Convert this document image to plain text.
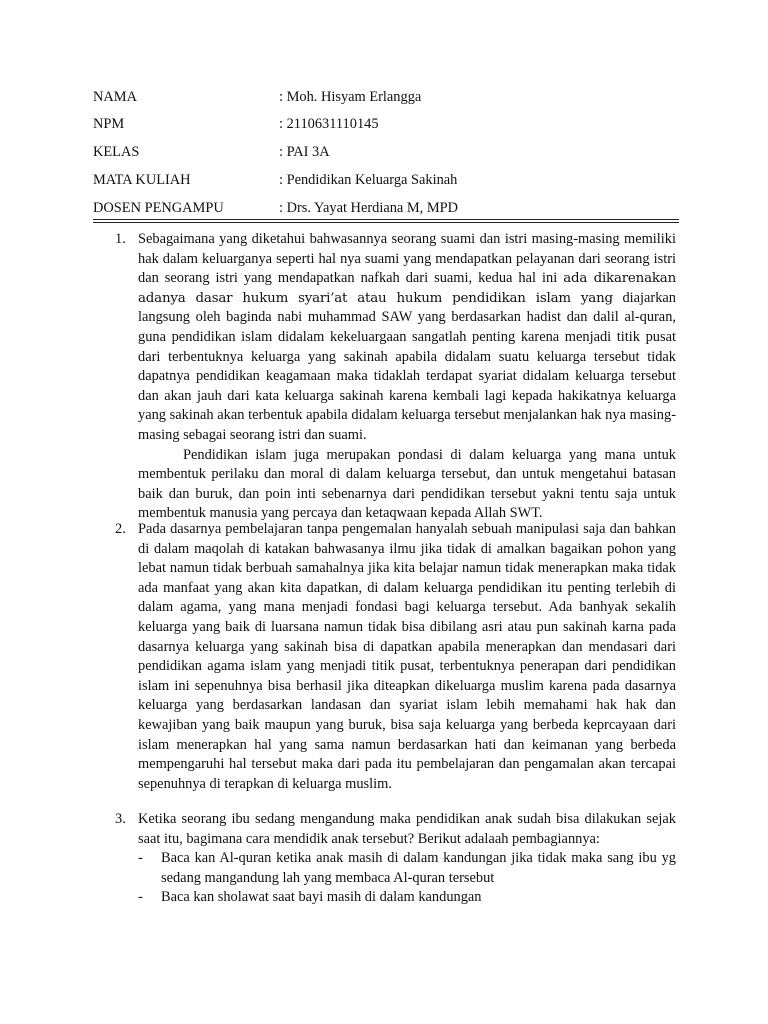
NAMA	: Moh. Hisyam Erlangga
NPM	: 2110631110145
KELAS	: PAI 3A
MATA KULIAH	: Pendidikan Keluarga Sakinah
DOSEN PENGAMPU	: Drs. Yayat Herdiana M, MPD
1. Sebagaimana yang diketahui bahwasannya seorang suami dan istri masing-masing memiliki hak dalam keluarganya seperti hal nya suami yang mendapatkan pelayanan dari seorang istri dan seorang istri yang mendapatkan nafkah dari suami, kedua hal ini ada dikarenakan adanya dasar hukum syari’at atau hukum pendidikan islam yang diajarkan langsung oleh baginda nabi muhammad SAW yang berdasarkan hadist dan dalil al-quran, guna pendidikan islam didalam kekeluargaan sangatlah penting karena menjadi titik pusat dari terbentuknya keluarga yang sakinah apabila didalam suatu keluarga tersebut tidak dapatnya pendidikan keagamaan maka tidaklah terdapat syariat didalam keluarga tersebut dan akan jauh dari kata keluarga sakinah karena kembali lagi kepada hakikatnya keluarga yang sakinah akan terbentuk apabila didalam keluarga tersebut menjalankan hak nya masing-masing sebagai seorang istri dan suami.

Pendidikan islam juga merupakan pondasi di dalam keluarga yang mana untuk membentuk perilaku dan moral di dalam keluarga tersebut, dan untuk mengetahui batasan baik dan buruk, dan poin inti sebenarnya dari pendidikan tersebut yakni tentu saja untuk membentuk manusia yang percaya dan ketaqwaan kepada Allah SWT.

2. Pada dasarnya pembelajaran tanpa pengemalan hanyalah sebuah manipulasi saja dan bahkan di dalam maqolah di katakan bahwasanya ilmu jika tidak di amalkan bagaikan pohon yang lebat namun tidak berbuah samahalnya jika kita belajar namun tidak menerapkan maka tidak ada manfaat yang akan kita dapatkan, di dalam keluarga pendidikan itu penting terlebih di dalam agama, yang mana menjadi fondasi bagi keluarga tersebut. Ada banhyak sekalih keluarga yang baik di luarsana namun tidak bisa dibilang asri atau pun sakinah karna pada dasarnya keluarga yang sakinah bisa di dapatkan apabila menerapkan dan mendasari dari pendidikan agama islam yang menjadi titik pusat, terbentuknya penerapan dari pendidikan islam ini sepenuhnya bisa berhasil jika diteapkan dikeluarga muslim karena pada dasarnya keluarga yang berdasarkan landasan dan syariat islam lebih memahami hak hak dan kewajiban yang baik maupun yang buruk, bisa saja keluarga yang berbeda keprcayaan dari islam menerapkan hal yang sama namun berdasarkan hati dan keimanan yang berbeda mempengaruhi hal tersebut maka dari pada itu pembelajaran dan pengamalan akan tercapai sepenuhnya di terapkan di keluarga muslim.

3. Ketika seorang ibu sedang mengandung maka pendidikan anak sudah bisa dilakukan sejak saat itu, bagimana cara mendidik anak tersebut? Berikut adalaah pembagiannya:

- Baca kan Al-quran ketika anak masih di dalam kandungan jika tidak maka sang ibu yg sedang mangandung lah yang membaca Al-quran tersebut
- Baca kan sholawat saat bayi masih di dalam kandungan
